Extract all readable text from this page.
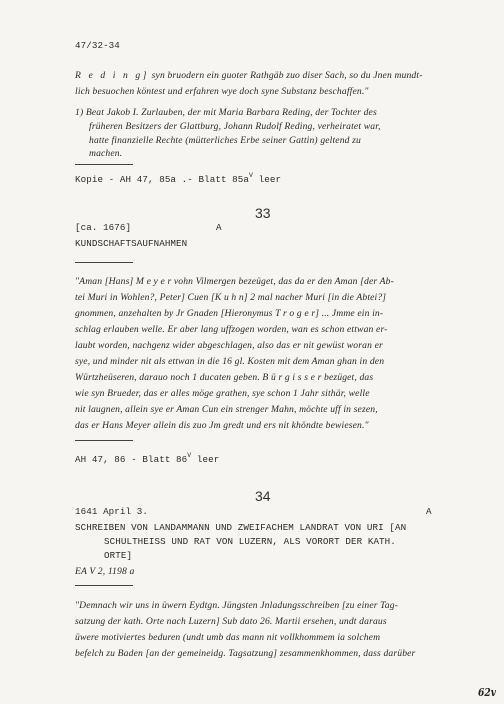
47/32-34
R e d i n g] syn bruodern ein guoter Rathgäb zuo diser Sach, so du Jnen mundt-
lich besuochen köntest und erfahren wye doch syne Substanz beschaffen."
1) Beat Jakob I. Zurlauben, der mit Maria Barbara Reding, der Tochter des
früheren Besitzers der Glattburg, Johann Rudolf Reding, verheiratet war,
hatte finanzielle Rechte (mütterliches Erbe seiner Gattin) geltend zu
machen.
Kopie - AH 47, 85a .- Blatt $85a^V$ leer
33
[ca. 1676]	A
KUNDSCHAFTSAUFNAHMEN
"Aman [Hans] M e y e r vohn Vilmergen bezeüget, das da er den Aman [der Ab-
tei Muri in Wohlen?, Peter] Cuen [K u h n] 2 mal nacher Muri [in die Abtei?]
gnommen, anzehalten by Jr Gnaden [Hieronymus T r o g e r] ... Jmme ein in-
schlag erlauben welle. Er aber lang uffzogen worden, wan es schon ettwan er-
laubt worden, nachgenz wider abgeschlagen, also das er nit gewüst woran er
sye, und minder nit als ettwan in die 16 gl. Kosten mit dem Aman ghan in den
Würtzheüseren, darauo noch 1 ducaten geben. B ü r g i s s e r bezüget, das
wie syn Brueder, das er alles möge grathen, sye schon 1 Jahr sithär, welle
nit laugnen, allein sye er Aman Cun ein strenger Mahn, möchte uff in sezen,
das er Hans Meyer allein dis zuo Jm gredt und ers nit khöndte bewiesen."
AH 47, 86 - Blatt $86^V$ leer
34
1641 April 3.	A
SCHREIBEN VON LANDAMMANN UND ZWEIFACHEM LANDRAT VON URI [AN
SCHULTHEISS UND RAT VON LUZERN, ALS VORORT DER KATH.
ORTE]
EA V 2, 1198 a
"Demnach wir uns in üwern Eydtgn. Jüngsten Jnladungsschreiben [zu einer Tag-
satzung der kath. Orte nach Luzern] Sub dato 26. Martii ersehen, undt daraus
üwere motiviertes beduren (undt umb das mann nit vollkhommem ia solchem
befelch zu Baden [an der gemeineidg. Tagsatzung] zesammenkhommen, dass darüber
62v
